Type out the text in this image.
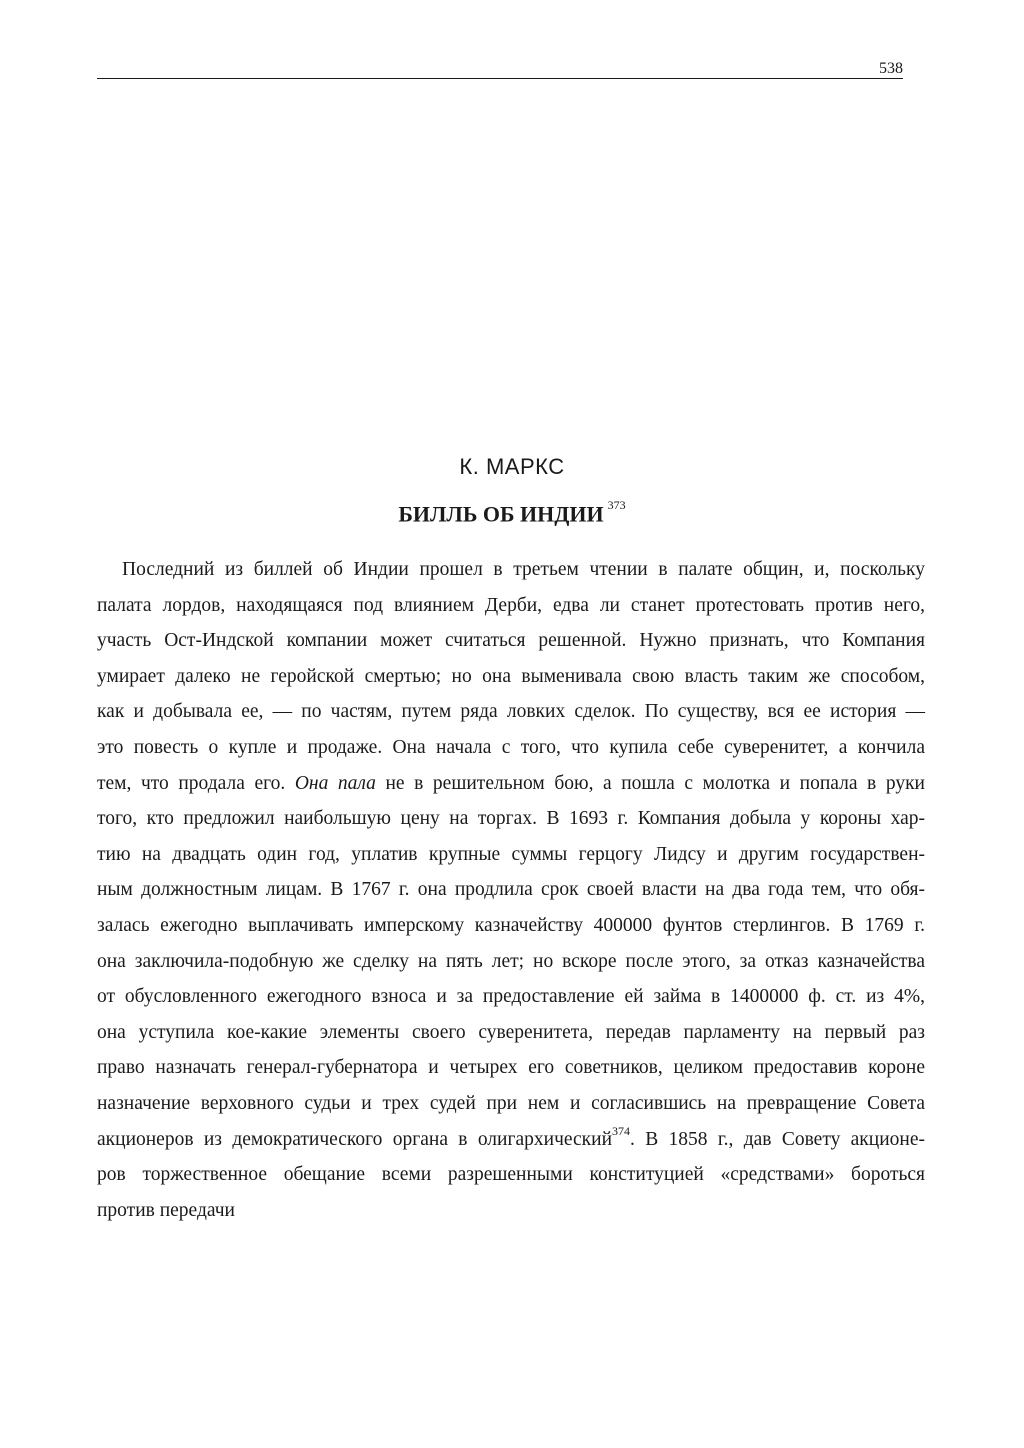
538
К. МАРКС
БИЛЛЬ ОБ ИНДИИ $^{373}$
Последний из биллей об Индии прошел в третьем чтении в палате общин, и, поскольку
палата лордов, находящаяся под влиянием Дерби, едва ли станет протестовать против него,
участь Ост-Индской компании может считаться решенной. Нужно признать, что Компания
умирает далеко не геройской смертью; но она выменивала свою власть таким же способом,
как и добывала ее, — по частям, путем ряда ловких сделок. По существу, вся ее история —
это повесть о купле и продаже. Она начала с того, что купила себе суверенитет, а кончила
тем, что продала его. Она пала не в решительном бою, а пошла с молотка и попала в руки
того, кто предложил наибольшую цену на торгах. В 1693 г. Компания добыла у короны хар-
тию на двадцать один год, уплатив крупные суммы герцогу Лидсу и другим государствен-
ным должностным лицам. В 1767 г. она продлила срок своей власти на два года тем, что обя-
залась ежегодно выплачивать имперскому казначейству 400000 фунтов стерлингов. В 1769 г.
она заключила-подобную же сделку на пять лет; но вскоре после этого, за отказ казначейства
от обусловленного ежегодного взноса и за предоставление ей займа в 1400000 ф. ст. из 4%,
она уступила кое-какие элементы своего суверенитета, передав парламенту на первый раз
право назначать генерал-губернатора и четырех его советников, целиком предоставив короне
назначение верховного судьи и трех судей при нем и согласившись на превращение Совета
акционеров из демократического органа в олигархический$^{374}$. В 1858 г., дав Совету акционе-
ров торжественное обещание всеми разрешенными конституцией «средствами» бороться
против передачи
